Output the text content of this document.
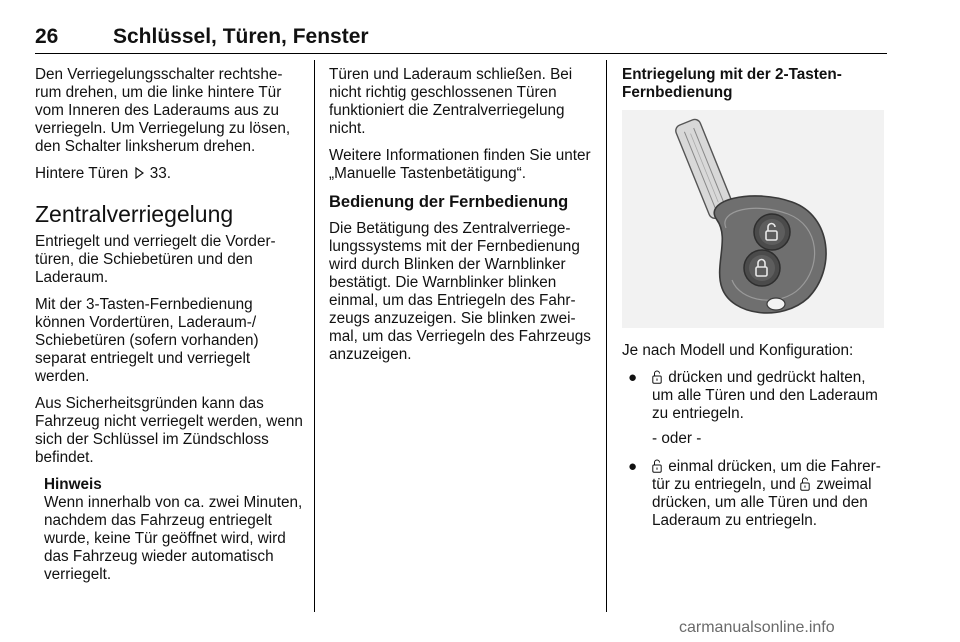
26	Schlüssel, Türen, Fenster

Den Verriegelungsschalter rechtsherum drehen, um die linke hintere Tür vom Inneren des Laderaums aus zu verriegeln. Um Verriegelung zu lösen, den Schalter linksherum drehen.

Hintere Türen 33.

Zentralverriegelung

Entriegelt und verriegelt die Vordertüren, die Schiebetüren und den Laderaum.

Mit der 3-Tasten-Fernbedienung können Vordertüren, Laderaum-/ Schiebetüren (sofern vorhanden) separat entriegelt und verriegelt werden.

Aus Sicherheitsgründen kann das Fahrzeug nicht verriegelt werden, wenn sich der Schlüssel im Zündschloss befindet.

Hinweis
Wenn innerhalb von ca. zwei Minuten, nachdem das Fahrzeug entriegelt wurde, keine Tür geöffnet wird, wird das Fahrzeug wieder automatisch verriegelt.

Türen und Laderaum schließen. Bei nicht richtig geschlossenen Türen funktioniert die Zentralverriegelung nicht.

Weitere Informationen finden Sie unter „Manuelle Tastenbetätigung“.

Bedienung der Fernbedienung

Die Betätigung des Zentralverriegelungssystems mit der Fernbedienung wird durch Blinken der Warnblinker bestätigt. Die Warnblinker blinken einmal, um das Entriegeln des Fahrzeugs anzuzeigen. Sie blinken zweimal, um das Verriegeln des Fahrzeugs anzuzeigen.

Entriegelung mit der 2-Tasten-Fernbedienung

Je nach Modell und Konfiguration:

● drücken und gedrückt halten, um alle Türen und den Laderaum zu entriegeln.
- oder -
● einmal drücken, um die Fahrertür zu entriegeln, und zweimal drücken, um alle Türen und den Laderaum zu entriegeln.
carmanualsonline.info
